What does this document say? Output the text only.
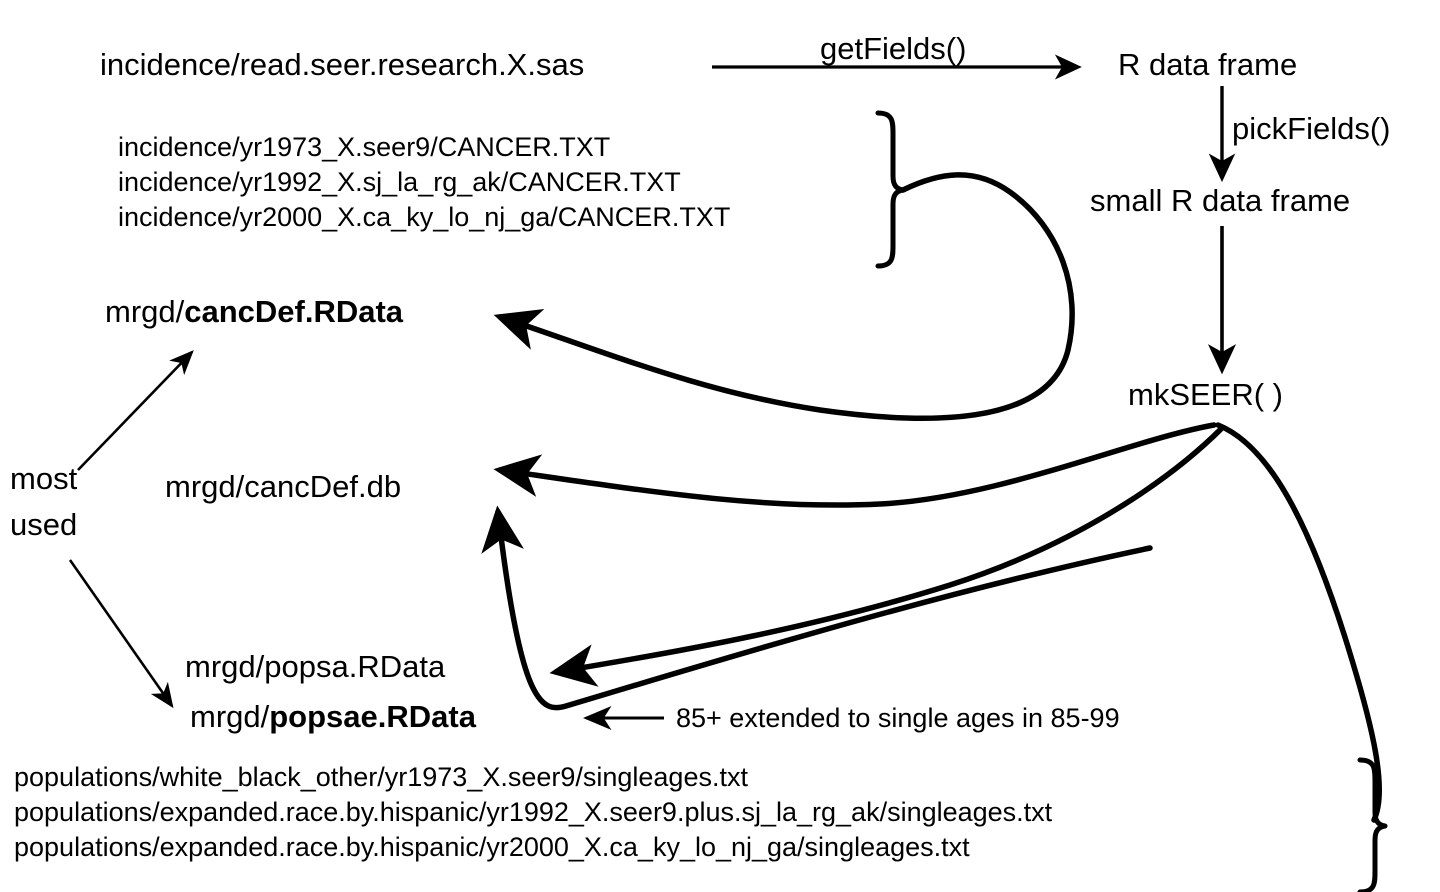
incidence/read.seer.research.X.sas	getFields()	R data frame
pickFields()
small R data frame
mkSEER( )
incidence/yr1973_X.seer9/CANCER.TXT
incidence/yr1992_X.sj_la_rg_ak/CANCER.TXT
incidence/yr2000_X.ca_ky_lo_nj_ga/CANCER.TXT
mrgd/cancDef.RData
mrgd/cancDef.db
mrgd/popsa.RData
mrgd/popsae.RData
most
used
85+ extended to single ages in 85-99
populations/white_black_other/yr1973_X.seer9/singleages.txt
populations/expanded.race.by.hispanic/yr1992_X.seer9.plus.sj_la_rg_ak/singleages.txt
populations/expanded.race.by.hispanic/yr2000_X.ca_ky_lo_nj_ga/singleages.txt
